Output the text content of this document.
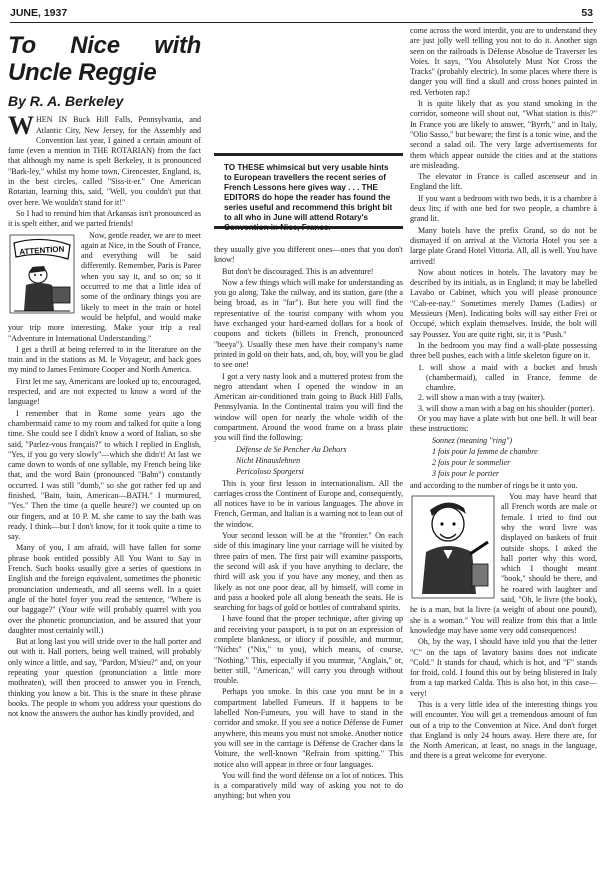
JUNE, 1937	53
To Nice with Uncle Reggie
By R. A. Berkeley

WHEN IN Buck Hill Falls, Pennsylvania, and Atlantic City, New Jersey, for the Assembly and Convention last year, I gained a certain amount of fame (even a mention in THE ROTARIAN) from the fact that although my name is spelt Berkeley, it is pronounced "Bark-ley," whilst my home town, Cirencester, England, is, in the best circles, called "Siss-it-er." One American Rotarian, learning this, said, "Well, you couldn't put that over here. We wouldn't stand for it!"

So I had to remind him that Arkansas isn't pronounced as it is spelt either, and we parted friends!

ATTENTION
Now, gentle reader, we are to meet again at Nice, in the South of France, and everything will be said differently. Remember, Paris is Paree when you say it, and so on; so it occurred to me that a little idea of some of the ordinary things you are likely to meet in the train or hotel would be helpful, and would make your trip more interesting. Make your trip a real "Adventure in International Understanding."

I get a thrill at being referred to in the literature on the train and in the stations as M. le Voyageur, and back goes my mind to James Fenimore Cooper and North America.

First let me say, Americans are looked up to, encouraged, respected, and are not expected to know a word of the language!

I remember that in Rome some years ago the chambermaid came to my room and talked for quite a long time. She could see I didn't know a word of Italian, so she said, "Parlez-vous français?" to which I replied in English, "Yes, if you go very slowly"—which she didn't! At last we came down to words of one syllable, my French being like that, and the word Bain (pronounced "Bahn") constantly occurred. I was still "dumb," so she got rather fed up and finished, "Bain, bain, American—BATH." I murmured, "Yes." Then the time (a quelle heure?) we counted up on our fingers, and at 10 P. M. she came to say the bath was ready. I think—but I don't know, for it took quite a time to say.

Many of you, I am afraid, will have fallen for some phrase book entitled possibly All You Want to Say in French. Such books usually give a series of questions in English and the foreign equivalent, sometimes the phonetic pronunciation underneath, and all seems well. In a quiet angle of the hotel foyer you read the sentence, "Where is our baggage?" (Your wife will probably quarrel with you over the phonetic pronunciation, and be assured that your daughter most certainly will.)

But at long last you will stride over to the hall porter and out with it. Hall porters, being well trained, will probably only wince a little, and say, "Pardon, M'sieu?" and, on your repeating your question (pronunciation a little more motheaten), will then proceed to answer you in French, thinking you know a bit. This is the snare in these phrase books. The people to whom you address your questions do not know the answers the author has kindly provided, and

TO THESE whimsical but very usable hints to European travellers the recent series of French Lessons here gives way . . . THE EDITORS do hope the reader has found the series useful and recommend this bright bit to all who in June will attend Rotary's Convention in Nice, France.

they usually give you different ones—ones that you don't know!

But don't be discouraged. This is an adventure!

Now a few things which will make for understanding as you go along. Take the railway, and its station, gare (the a being broad, as in "far"). But here you will find the representative of the tourist company with whom you have exchanged your hard-earned dollars for a book of coupons and tickets (billets in French, pronounced "beeya"). Usually these men have their company's name printed in gold on their hats, and, oh, boy, will you be glad to see one!

I got a very nasty look and a muttered protest from the negro attendant when I opened the window in an American air-conditioned train going to Buck Hill Falls, Pennsylvania. In the Continental trains you will find the window will open for nearly the whole width of the compartment. Around the wood frame on a brass plate you will find the following:

Défense de Se Pencher Au Dehors

Nicht Hinauslehnen

Pericoloso Sporgersi

This is your first lesson in internationalism. All the carriages cross the Continent of Europe and, consequently, all notices have to be in various languages. The above in French, German, and Italian is a warning not to lean out of the window.

Your second lesson will be at the "frontier." On each side of this imaginary line your carriage will be visited by three pairs of men. The first pair will examine passports, the second will ask if you have anything to declare, the third will ask you if you have any money, and then as likely as not one poor dear, all by himself, will come in and pass a hooked pole all along beneath the seats. He is searching for bags of gold or bottles of contraband spirits.

I have found that the proper technique, after giving up and receiving your passport, is to put on an expression of complete blankness, or idiocy if possible, and murmur, "Nichts" ("Nix," to you), which means, of course, "Nothing." This, especially if you murmur, "Anglais," or, better still, "American," will carry you through without trouble.

Perhaps you smoke. In this case you must be in a compartment labelled Fumeurs. If it happens to be labelled Non-Fumeurs, you will have to stand in the corridor and smoke. If you see a notice Défense de Fumer anywhere, this means you must not smoke. Another notice you will see in the carriage is Défense de Cracher dans la Voiture, the well-known "Refrain from spitting." This notice also will appear in three or four languages.

You will find the word défense on a lot of notices. This is a comparatively mild way of asking you not to do anything; but when you

come across the word interdit, you are to understand they are just jolly well telling you not to do it. Another sign seen on the railroads is Défense Absolue de Traverser les Voies. It says, "You Absolutely Must Not Cross the Tracks" (probably electric). In some places where there is danger you will find a skull and cross bones painted in red. Verboten rap.!

It is quite likely that as you stand smoking in the corridor, someone will shout out, "What station is this?" In France you are likely to answer, "Byrrh," and in Italy, "Olio Sasso," but beware; the first is a tonic wine, and the second a salad oil. The very large advertisements for them which appear outside the cities and at the stations are misleading.

The elevator in France is called ascenseur and in England the lift.

If you want a bedroom with two beds, it is a chambre à deux lits; if with one bed for two people, a chambre à grand lit.

Many hotels have the prefix Grand, so do not be dismayed if on arrival at the Victoria Hotel you see a large plate Grand Hotel Vittoria. All, all is well. You have arrived!

Now about notices in hotels. The lavatory may be described by its initials, as in England; it may be labelled Lavabo or Cabinet, which you will please pronounce "Cab-ee-nay." Sometimes merely Dames (Ladies) or Messieurs (Men). Indicating bolts will say either Frei or Occupé, which explain themselves. Inside, the bolt will say Poussez. You are quite right, sir, it is "Push."

In the bedroom you may find a wall-plate possessing three bell pushes, each with a little skeleton figure on it.

1. will show a maid with a bucket and brush (chambermaid), called in France, femme de chambre.
2. will show a man with a tray (waiter).
3. will show a man with a bag on his shoulder (porter).

Or you may have a plate with but one bell. It will bear these instructions:

Sonnez (meaning "ring")

1 fois pour la femme de chambre

2 fois pour le sommelier

3 fois pour le portier

and according to the number of rings be it unto you.

You may have heard that all French words are male or female. I tried to find out why the word livre was displayed on baskets of fruit outside shops. I asked the hall porter why this word, which I thought meant "book," should be there, and he roared with laughter and said, "Oh, le livre (the book), he is a man, but la livre (a weight of about one pound), she is a woman." You will realize from this that a little knowledge may have some very odd consequences!

Oh, by the way, I should have told you that the letter "C" on the taps of lavatory basins does not indicate "Cold." It stands for chaud, which is hot, and "F" stands for froid, cold. I found this out by being blistered in Italy from a tap marked Calda. This is also hot, in this case—very!

This is a very little idea of the interesting things you will encounter. You will get a tremendous amount of fun out of a trip to the Convention at Nice. And don't forget that England is only 24 hours away. Here there are, for the North American, at least, no snags in the language, and there is a great welcome for everyone.
